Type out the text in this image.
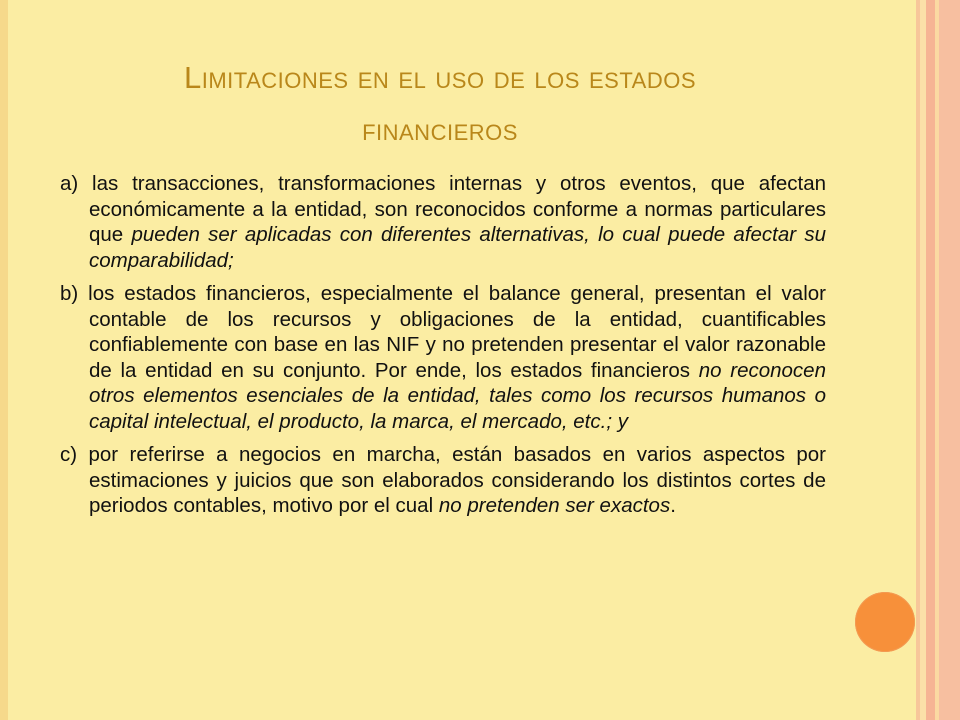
Limitaciones en el uso de los estados
financieros

a) las transacciones, transformaciones internas y otros eventos, que afectan económicamente a la entidad, son reconocidos conforme a normas particulares que pueden ser aplicadas con diferentes alternativas, lo cual puede afectar su comparabilidad;

b) los estados financieros, especialmente el balance general, presentan el valor contable de los recursos y obligaciones de la entidad, cuantificables confiablemente con base en las NIF y no pretenden presentar el valor razonable de la entidad en su conjunto. Por ende, los estados financieros no reconocen otros elementos esenciales de la entidad, tales como los recursos humanos o capital intelectual, el producto, la marca, el mercado, etc.; y

c) por referirse a negocios en marcha, están basados en varios aspectos por estimaciones y juicios que son elaborados considerando los distintos cortes de periodos contables, motivo por el cual no pretenden ser exactos.
